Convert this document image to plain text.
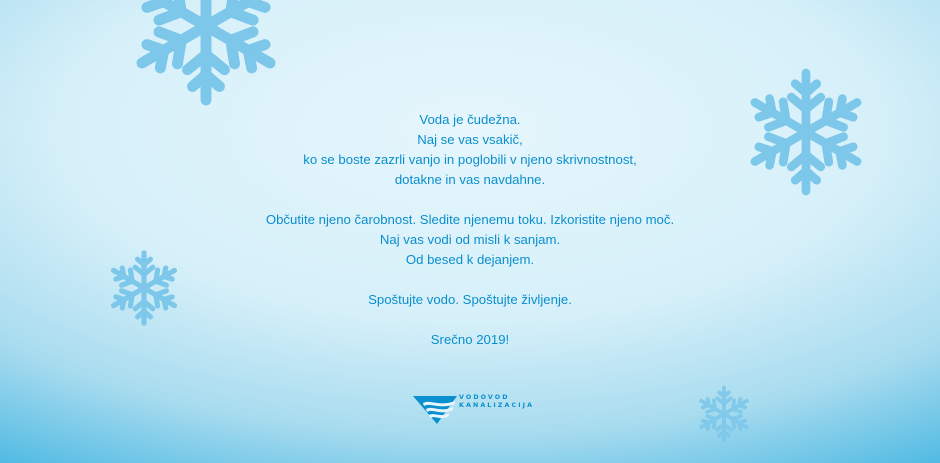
Voda je čudežna.

Naj se vas vsakič,

ko se boste zazrli vanjo in poglobili v njeno skrivnostnost,

dotakne in vas navdahne.

Občutite njeno čarobnost. Sledite njenemu toku. Izkoristite njeno moč.

Naj vas vodi od misli k sanjam.

Od besed k dejanjem.

Spoštujte vodo. Spoštujte življenje.

Srečno 2019!

VODOVOD
KANALIZACIJA
